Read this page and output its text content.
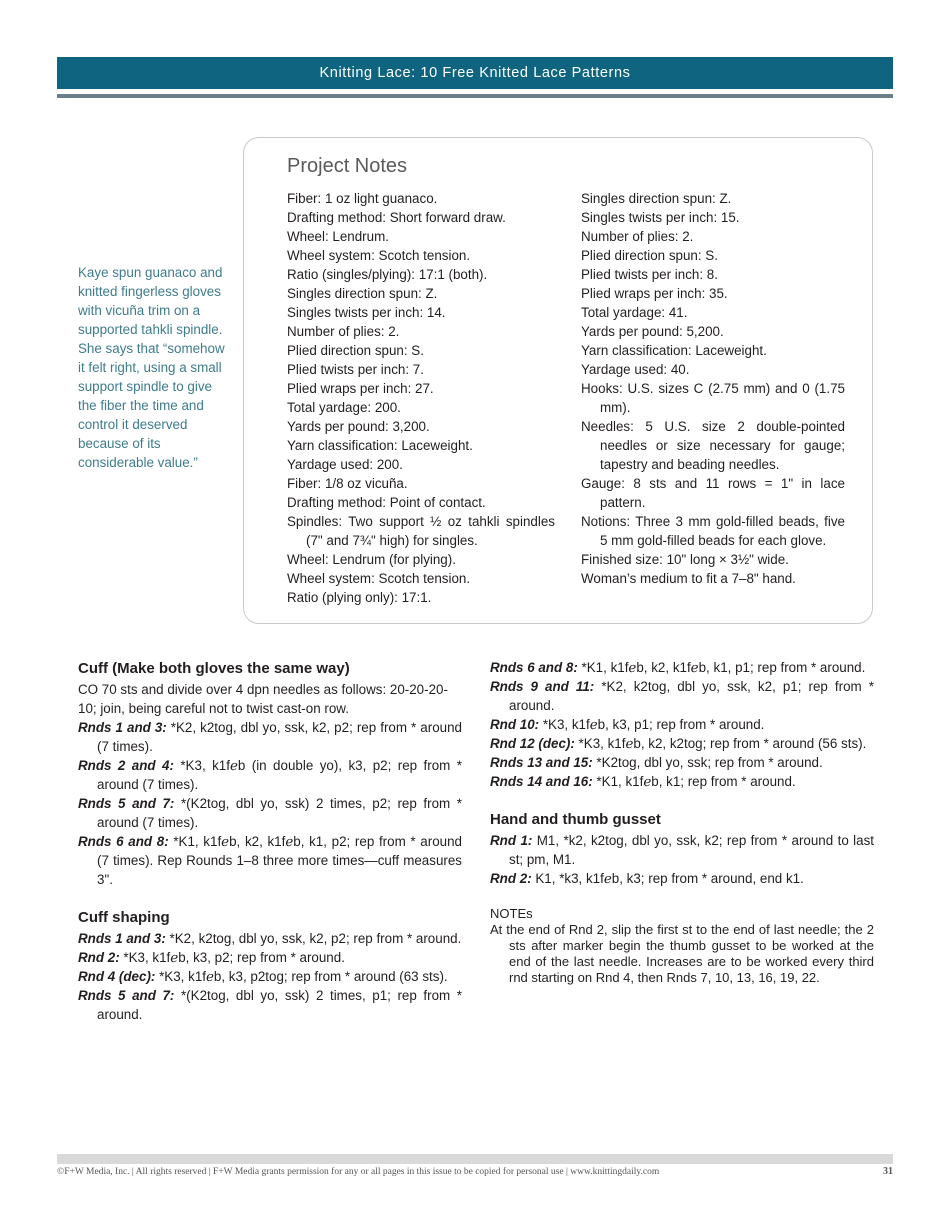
Knitting Lace: 10 Free Knitted Lace Patterns
Kaye spun guanaco and knitted fingerless gloves with vicuña trim on a supported tahkli spindle. She says that “somehow it felt right, using a small support spindle to give the fiber the time and control it deserved because of its considerable value.”
Project Notes

Fiber: 1 oz light guanaco.

Drafting method: Short forward draw.

Wheel: Lendrum.

Wheel system: Scotch tension.

Ratio (singles/plying): 17:1 (both).

Singles direction spun: Z.

Singles twists per inch: 14.

Number of plies: 2.

Plied direction spun: S.

Plied twists per inch: 7.

Plied wraps per inch: 27.

Total yardage: 200.

Yards per pound: 3,200.

Yarn classification: Laceweight.

Yardage used: 200.

Fiber: 1/8 oz vicuña.

Drafting method: Point of contact.

Spindles: Two support ½ oz tahkli spindles (7" and 7¾" high) for singles.

Wheel: Lendrum (for plying).

Wheel system: Scotch tension.

Ratio (plying only): 17:1.

Singles direction spun: Z.

Singles twists per inch: 15.

Number of plies: 2.

Plied direction spun: S.

Plied twists per inch: 8.

Plied wraps per inch: 35.

Total yardage: 41.

Yards per pound: 5,200.

Yarn classification: Laceweight.

Yardage used: 40.

Hooks: U.S. sizes C (2.75 mm) and 0 (1.75 mm).

Needles: 5 U.S. size 2 double-pointed needles or size necessary for gauge; tapestry and beading needles.

Gauge: 8 sts and 11 rows = 1" in lace pattern.

Notions: Three 3 mm gold-filled beads, five 5 mm gold-filled beads for each glove.

Finished size: 10" long × 3½" wide.

Woman’s medium to fit a 7–8" hand.

Cuff (Make both gloves the same way)
CO 70 sts and divide over 4 dpn needles as follows: 20-20-20-10; join, being careful not to twist cast-on row.

Rnds 1 and 3: *K2, k2tog, dbl yo, ssk, k2, p2; rep from * around (7 times).

Rnds 2 and 4: *K3, k1fℯb (in double yo), k3, p2; rep from * around (7 times).

Rnds 5 and 7: *(K2tog, dbl yo, ssk) 2 times, p2; rep from * around (7 times).

Rnds 6 and 8: *K1, k1fℯb, k2, k1fℯb, k1, p2; rep from * around (7 times). Rep Rounds 1–8 three more times—cuff measures 3".

Cuff shaping

Rnds 1 and 3: *K2, k2tog, dbl yo, ssk, k2, p2; rep from * around.

Rnd 2: *K3, k1fℯb, k3, p2; rep from * around.

Rnd 4 (dec): *K3, k1fℯb, k3, p2tog; rep from * around (63 sts).

Rnds 5 and 7: *(K2tog, dbl yo, ssk) 2 times, p1; rep from * around.

Rnds 6 and 8: *K1, k1fℯb, k2, k1fℯb, k1, p1; rep from * around.

Rnds 9 and 11: *K2, k2tog, dbl yo, ssk, k2, p1; rep from * around.

Rnd 10: *K3, k1fℯb, k3, p1; rep from * around.

Rnd 12 (dec): *K3, k1fℯb, k2, k2tog; rep from * around (56 sts).

Rnds 13 and 15: *K2tog, dbl yo, ssk; rep from * around.

Rnds 14 and 16: *K1, k1fℯb, k1; rep from * around.

Hand and thumb gusset

Rnd 1: M1, *k2, k2tog, dbl yo, ssk, k2; rep from * around to last st; pm, M1.

Rnd 2: K1, *k3, k1fℯb, k3; rep from * around, end k1.

NOTEs

At the end of Rnd 2, slip the first st to the end of last needle; the 2 sts after marker begin the thumb gusset to be worked at the end of the last needle. Increases are to be worked every third rnd starting on Rnd 4, then Rnds 7, 10, 13, 16, 19, 22.

©F+W Media, Inc. | All rights reserved | F+W Media grants permission for any or all pages in this issue to be copied for personal use | www.knittingdaily.com	31
